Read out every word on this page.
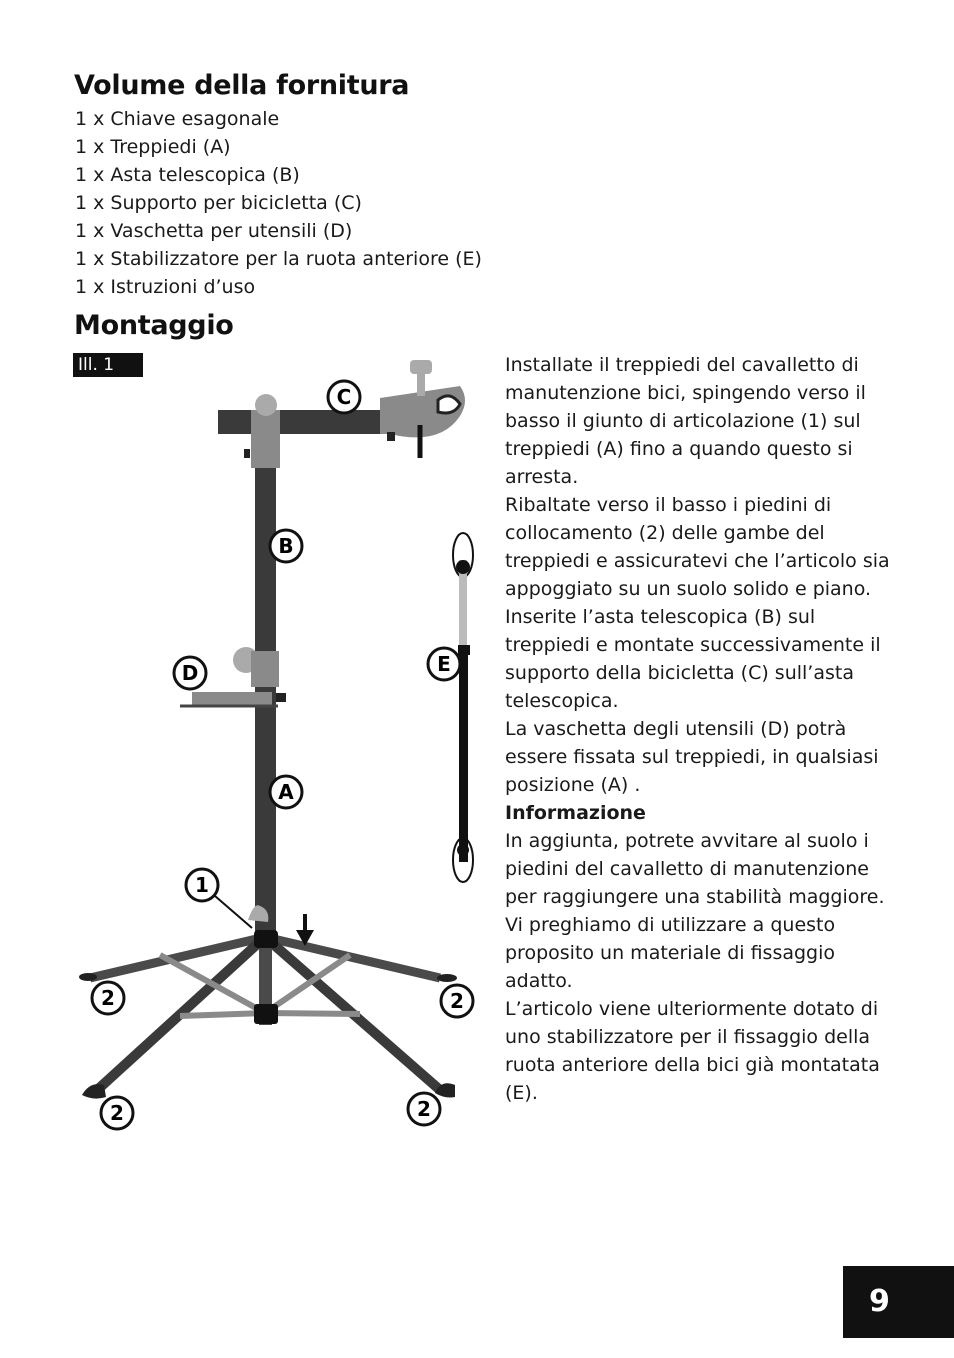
Volume della fornitura
1 x Chiave esagonale
1 x Treppiedi (A)
1 x Asta telescopica (B)
1 x Supporto per bicicletta (C)
1 x Vaschetta per utensili (D)
1 x Stabilizzatore per la ruota anteriore (E)
1 x Istruzioni d’uso
Montaggio
Ill. 1
C
B
D	E
A
1
2	2
2	2

Installate il treppiedi del cavalletto di manutenzione bici, spingendo verso il basso il giunto di articolazione (1) sul treppiedi (A) fino a quando questo si arresta.

Ribaltate verso il basso i piedini di collocamento (2) delle gambe del treppiedi e assicuratevi che l’articolo sia appoggiato su un suolo solido e piano.

Inserite l’asta telescopica (B) sul treppiedi e montate successivamente il supporto della bicicletta (C) sull’asta telescopica.

La vaschetta degli utensili (D) potrà essere fissata sul treppiedi, in qualsiasi posizione (A) .

Informazione

In aggiunta, potrete avvitare al suolo i piedini del cavalletto di manutenzione per raggiungere una stabilità maggiore.

Vi preghiamo di utilizzare a questo proposito un materiale di fissaggio adatto.

L’articolo viene ulteriormente dotato di uno stabilizzatore per il fissaggio della ruota anteriore della bici già montatata (E).

9
